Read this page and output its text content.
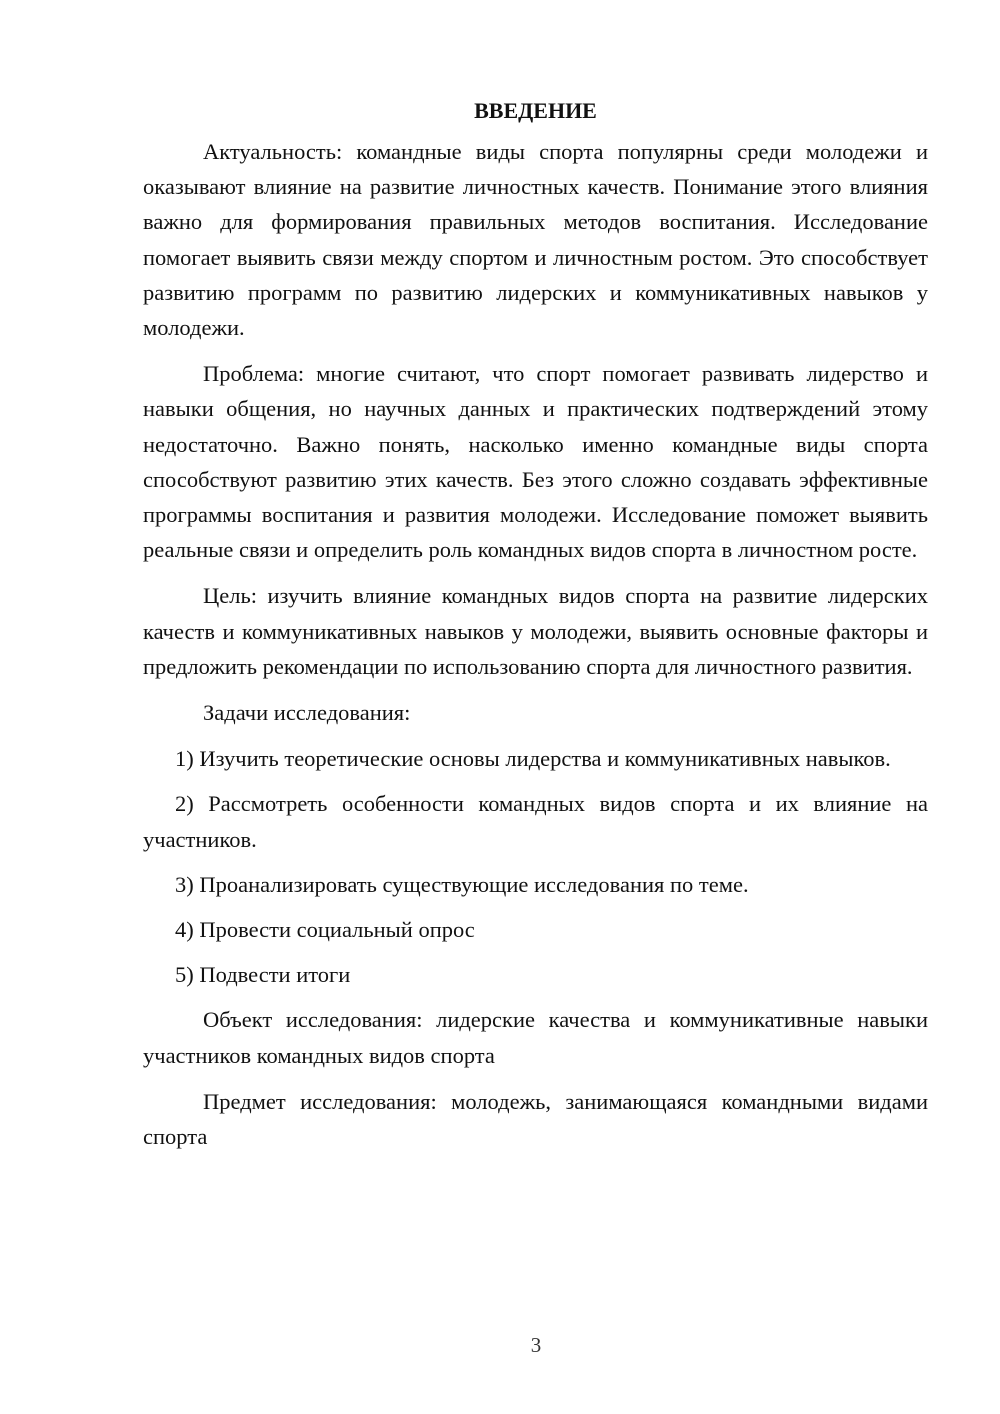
ВВЕДЕНИЕ

Актуальность: командные виды спорта популярны среди молодежи и оказывают влияние на развитие личностных качеств. Понимание этого влияния важно для формирования правильных методов воспитания. Исследование помогает выявить связи между спортом и личностным ростом. Это способствует развитию программ по развитию лидерских и коммуникативных навыков у молодежи.

Проблема: многие считают, что спорт помогает развивать лидерство и навыки общения, но научных данных и практических подтверждений этому недостаточно. Важно понять, насколько именно командные виды спорта способствуют развитию этих качеств. Без этого сложно создавать эффективные программы воспитания и развития молодежи. Исследование поможет выявить реальные связи и определить роль командных видов спорта в личностном росте.

Цель: изучить влияние командных видов спорта на развитие лидерских качеств и коммуникативных навыков у молодежи, выявить основные факторы и предложить рекомендации по использованию спорта для личностного развития.

Задачи исследования:

1) Изучить теоретические основы лидерства и коммуникативных навыков.

2) Рассмотреть особенности командных видов спорта и их влияние на участников.

3) Проанализировать существующие исследования по теме.

4) Провести социальный опрос

5) Подвести итоги

Объект исследования: лидерские качества и коммуникативные навыки участников командных видов спорта

Предмет исследования: молодежь, занимающаяся командными видами спорта

3
